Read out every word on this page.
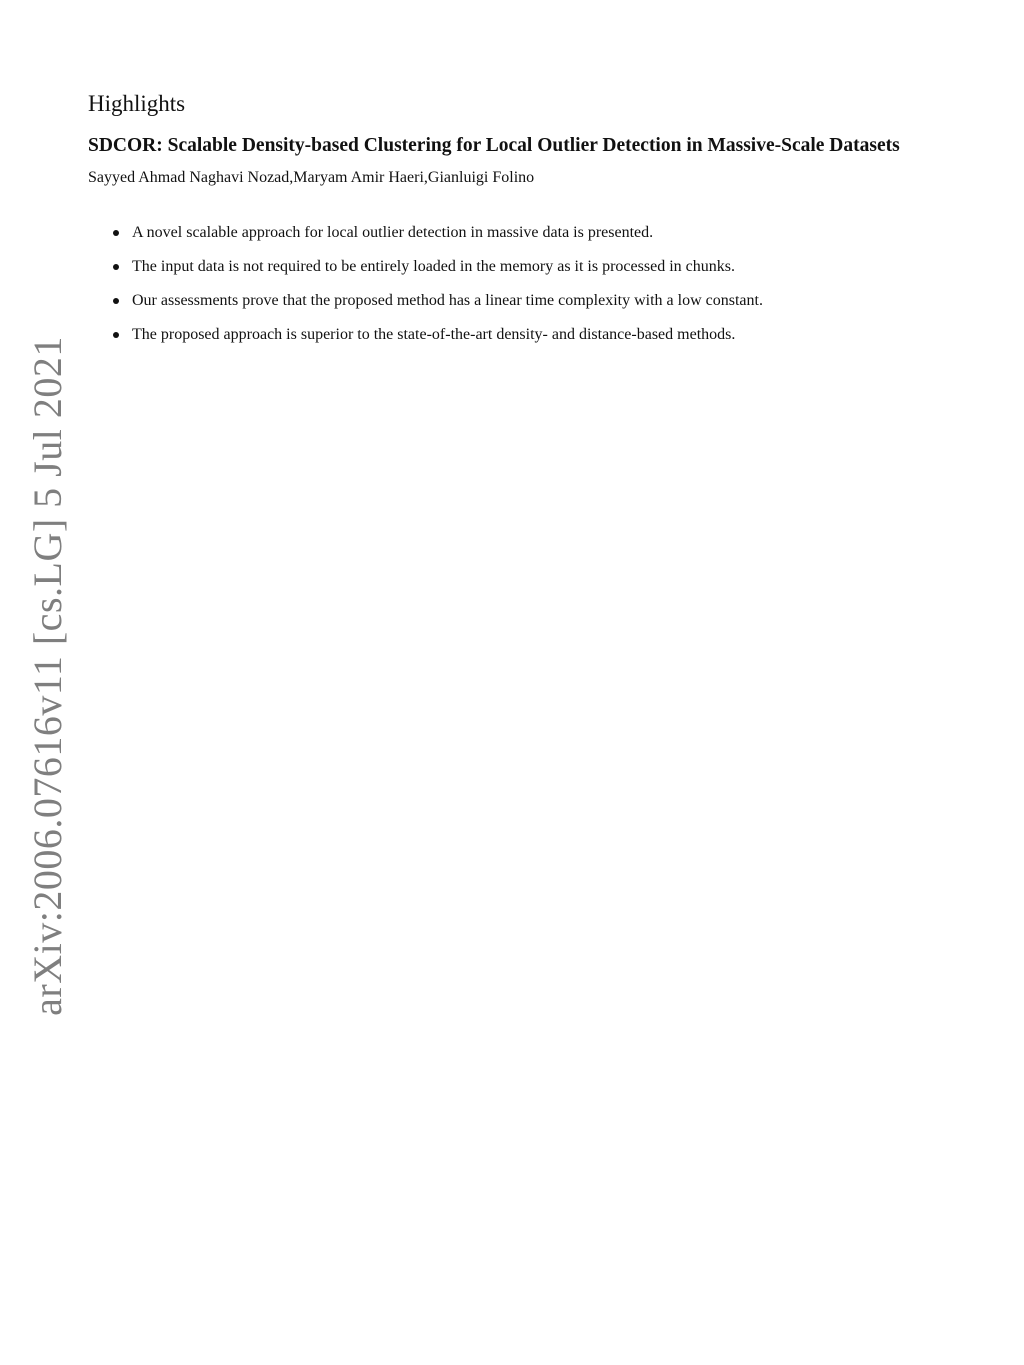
Highlights
SDCOR: Scalable Density-based Clustering for Local Outlier Detection in Massive-Scale Datasets

Sayyed Ahmad Naghavi Nozad,Maryam Amir Haeri,Gianluigi Folino

A novel scalable approach for local outlier detection in massive data is presented.
The input data is not required to be entirely loaded in the memory as it is processed in chunks.
Our assessments prove that the proposed method has a linear time complexity with a low constant.
The proposed approach is superior to the state-of-the-art density- and distance-based methods.
arXiv:2006.07616v11 [cs.LG] 5 Jul 2021
